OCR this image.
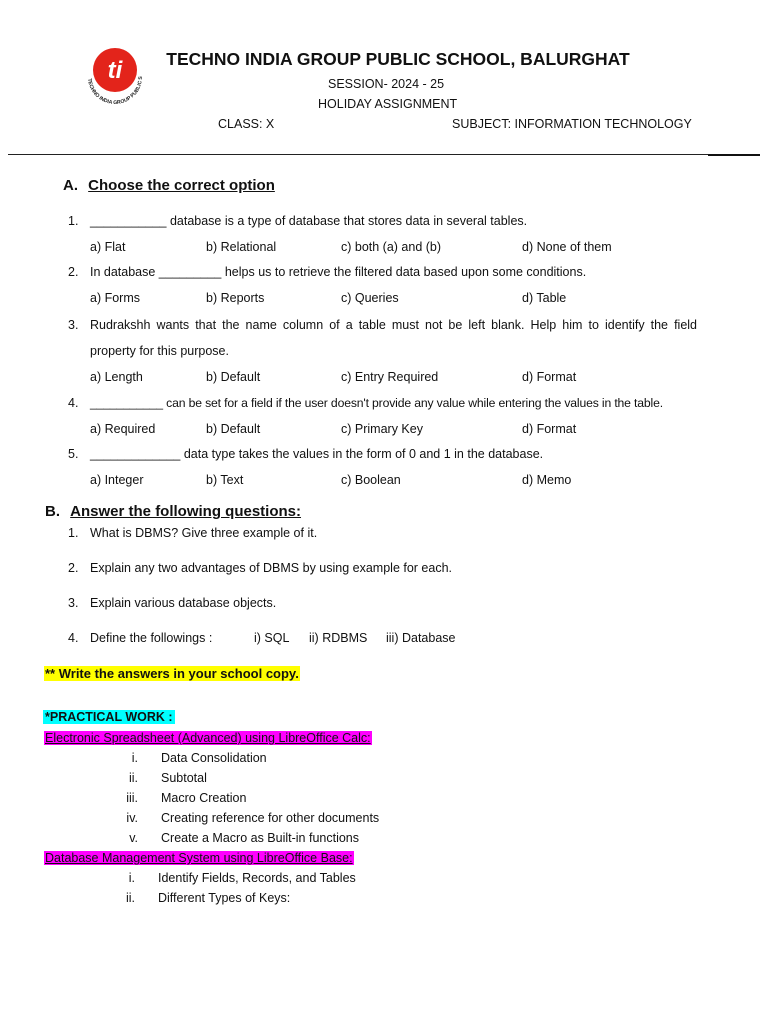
ti
TECHNO INDIA GROUP PUBLIC S
TECHNO INDIA GROUP PUBLIC SCHOOL, BALURGHAT
SESSION- 2024 - 25
HOLIDAY ASSIGNMENT
CLASS: X	SUBJECT: INFORMATION TECHNOLOGY
A. Choose the correct option
1. ___________ database is a type of database that stores data in several tables.
a) Flat	b) Relational	c) both (a) and (b)	d) None of them
2. In database _________ helps us to retrieve the filtered data based upon some conditions.
a) Forms	b) Reports	c) Queries	d) Table
3. Rudrakshh wants that the name column of a table must not be left blank. Help him to identify the field
property for this purpose.
a) Length	b) Default	c) Entry Required	d) Format
4. ___________ can be set for a field if the user doesn't provide any value while entering the values in the table.
a) Required	b) Default	c) Primary Key	d) Format
5. _____________ data type takes the values in the form of 0 and 1 in the database.
a) Integer	b) Text	c) Boolean	d) Memo
B. Answer the following questions:
1. What is DBMS? Give three example of it.
2. Explain any two advantages of DBMS by using example for each.
3. Explain various database objects.
4. Define the followings :	i) SQL ii) RDBMS iii) Database
** Write the answers in your school copy.
*PRACTICAL WORK :
Electronic Spreadsheet (Advanced) using LibreOffice Calc:
i. Data Consolidation
ii. Subtotal
iii. Macro Creation
iv. Creating reference for other documents
v. Create a Macro as Built-in functions
Database Management System using LibreOffice Base:
i. Identify Fields, Records, and Tables
ii. Different Types of Keys:
